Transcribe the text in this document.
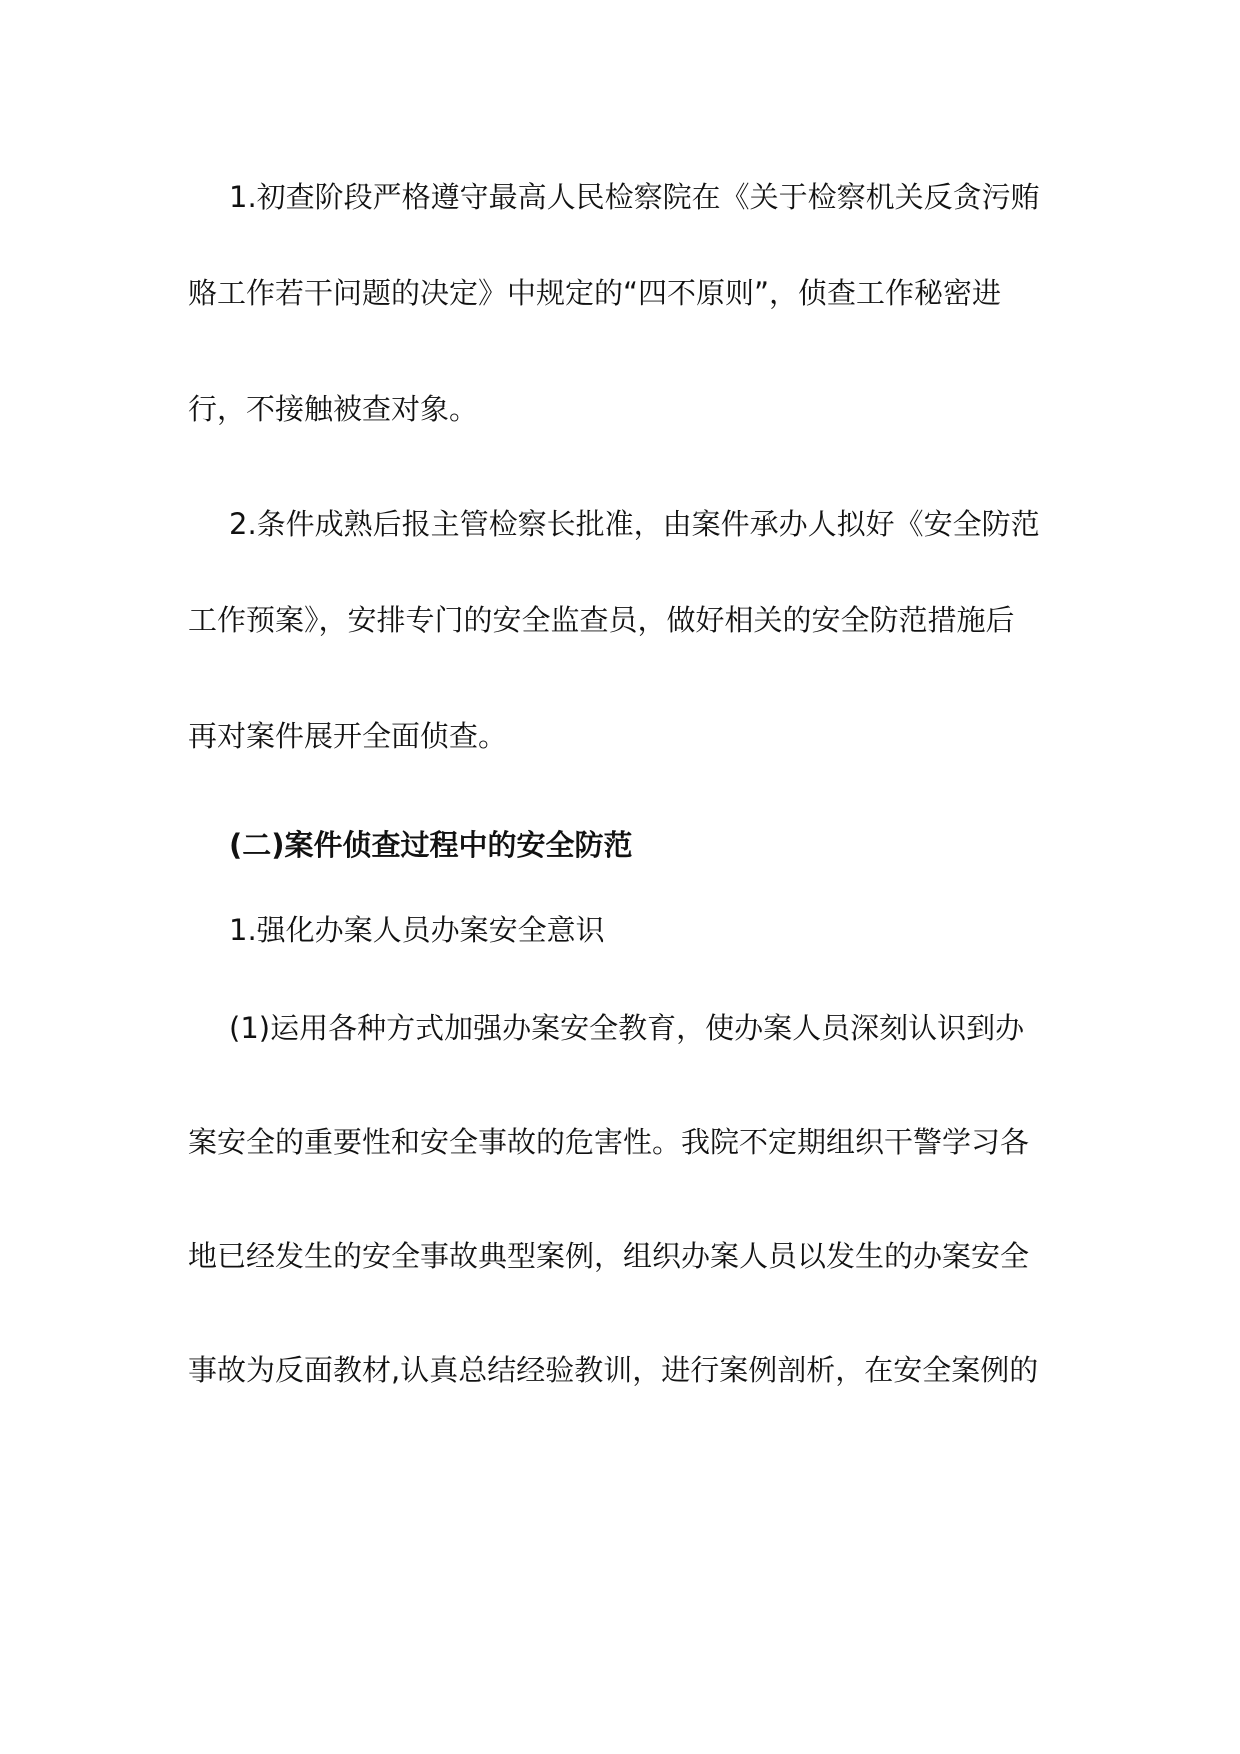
1.初查阶段严格遵守最高人民检察院在《关于检察机关反贪污贿
赂工作若干问题的决定》中规定的“四不原则”，侦查工作秘密进
行，不接触被查对象。
2.条件成熟后报主管检察长批准，由案件承办人拟好《安全防范
工作预案》，安排专门的安全监查员，做好相关的安全防范措施后
再对案件展开全面侦查。
(二)案件侦查过程中的安全防范
1.强化办案人员办案安全意识
(1)运用各种方式加强办案安全教育，使办案人员深刻认识到办
案安全的重要性和安全事故的危害性。我院不定期组织干警学习各
地已经发生的安全事故典型案例，组织办案人员以发生的办案安全
事故为反面教材,认真总结经验教训，进行案例剖析，在安全案例的
